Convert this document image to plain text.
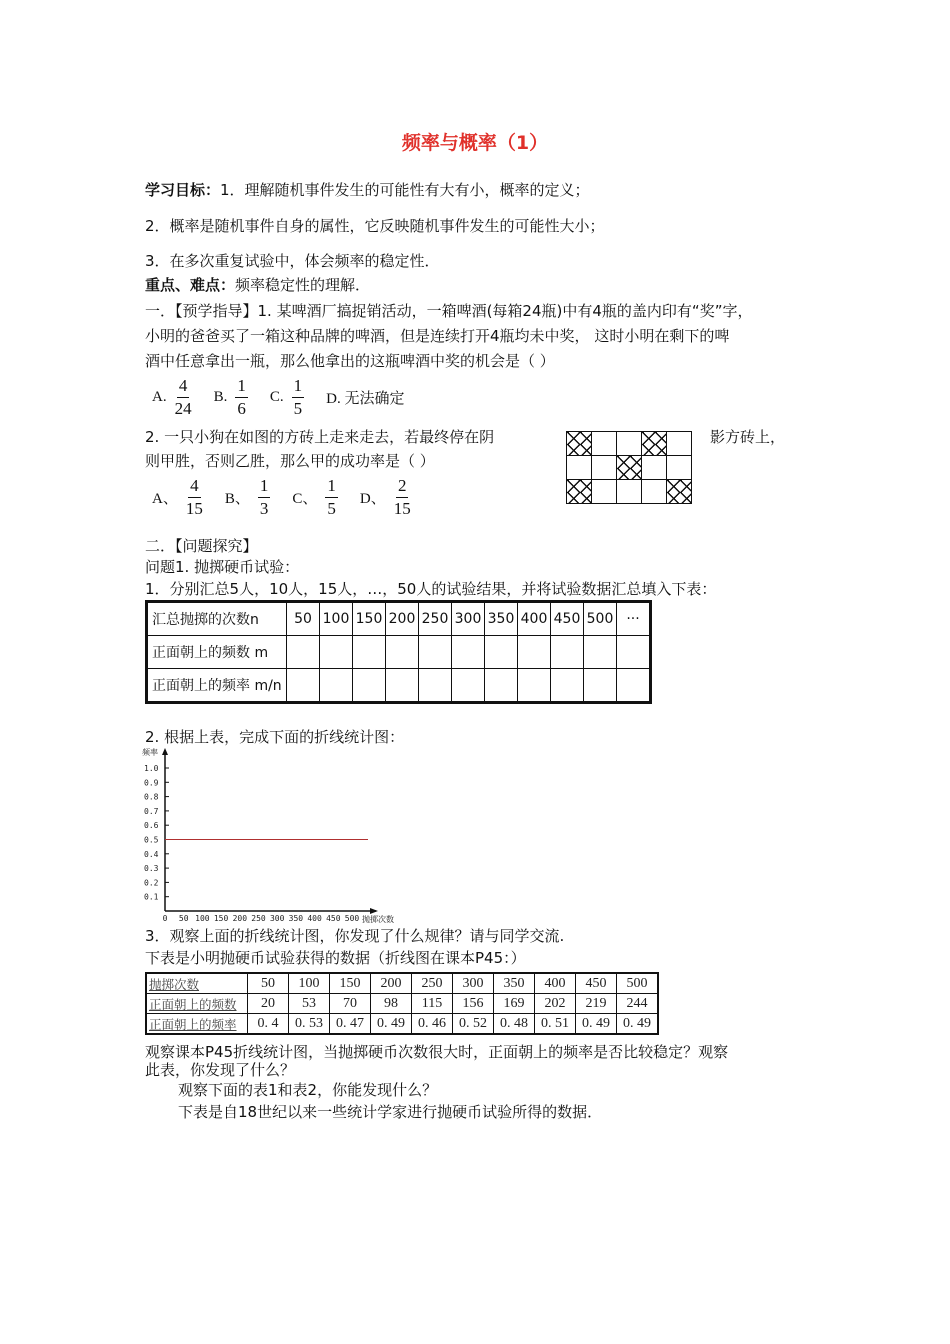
频率与概率（1）
学习目标：1．理解随机事件发生的可能性有大有小，概率的定义；
2．概率是随机事件自身的属性，它反映随机事件发生的可能性大小；
3．在多次重复试验中，体会频率的稳定性．
重点、难点：频率稳定性的理解．
一．【预学指导】1. 某啤酒厂搞捉销活动，一箱啤酒(每箱24瓶)中有4瓶的盖内印有“奖”字，
小明的爸爸买了一箱这种品牌的啤酒，但是连续打开4瓶均未中奖， 这时小明在剩下的啤
酒中任意拿出一瓶，那么他拿出的这瓶啤酒中奖的机会是（ ）
A. $\frac{4}{24} B$. $\frac{1}{6} C$. $\frac{1}{5} D$. 无法确定
2. 一只小狗在如图的方砖上走来走去，若最终停在阴	影方砖上，
则甲胜，否则乙胜，那么甲的成功率是（ ）

A、 $\frac{4}{15}$ B、 $\frac{1}{3}$ C、 $\frac{1}{5}$ D、 $\frac{2}{15}$
二．【问题探究】
问题1. 抛掷硬币试验：
1．分别汇总5人，10人，15人，…，50人的试验结果，并将试验数据汇总填入下表：
汇总抛掷的次数n	50	100	150	200	250	300	350	400	450	500	···
正面朝上的频数 m											
正面朝上的频率 m/n											
2. 根据上表，完成下面的折线统计图：
频率
0.1
0.2
0.3
0.4
0.5
0.6
0.7
0.8
0.9
1.0
0 50 100 150 200 250 300 350 400 450 500 抛掷次数
3．观察上面的折线统计图，你发现了什么规律？请与同学交流.
下表是小明抛硬币试验获得的数据（折线图在课本P45：）
抛掷次数	50	100	150	200	250	300	350	400	450	500
正面朝上的频数	20	53	70	98	115	156	169	202	219	244
正面朝上的频率	0. 4	0. 53	0. 47	0. 49	0. 46	0. 52	0. 48	0. 51	0. 49	0. 49
观察课本P45折线统计图，当抛掷硬币次数很大时，正面朝上的频率是否比较稳定？观察
此表，你发现了什么？
观察下面的表1和表2，你能发现什么？
下表是自18世纪以来一些统计学家进行抛硬币试验所得的数据．
